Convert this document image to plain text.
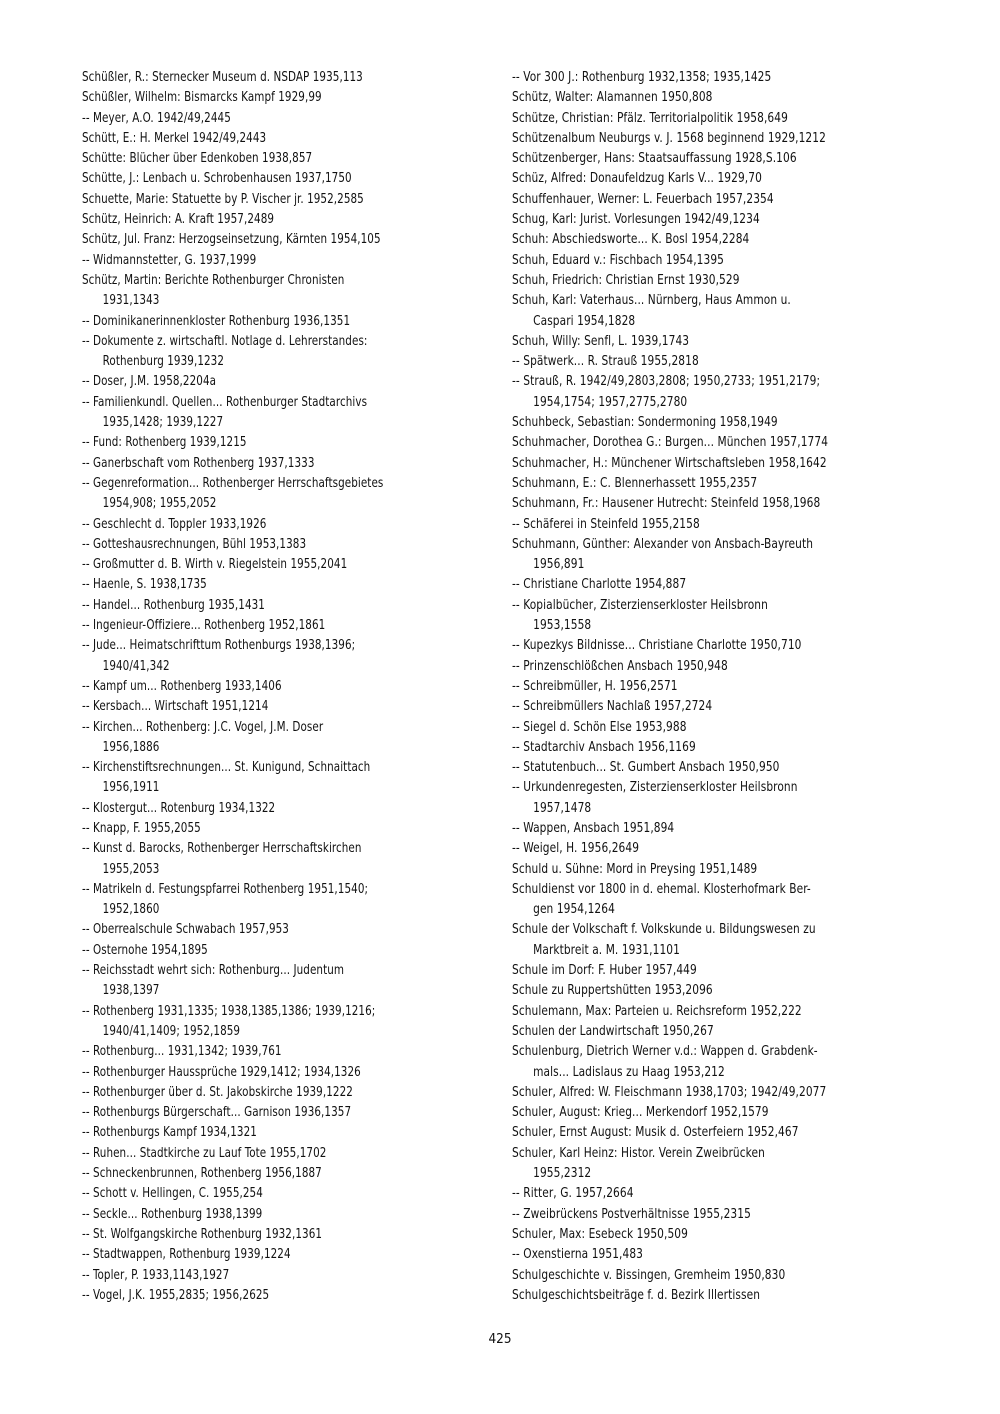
Schüßler, R.: Sternecker Museum d. NSDAP 1935,113
Schüßler, Wilhelm: Bismarcks Kampf 1929,99
-- Meyer, A.O. 1942/49,2445
Schütt, E.: H. Merkel 1942/49,2443
Schütte: Blücher über Edenkoben 1938,857
Schütte, J.: Lenbach u. Schrobenhausen 1937,1750
Schuette, Marie: Statuette by P. Vischer jr. 1952,2585
Schütz, Heinrich: A. Kraft 1957,2489
Schütz, Jul. Franz: Herzogseinsetzung, Kärnten 1954,105
-- Widmannstetter, G. 1937,1999
Schütz, Martin: Berichte Rothenburger Chronisten
1931,1343
-- Dominikanerinnenkloster Rothenburg 1936,1351
-- Dokumente z. wirtschaftl. Notlage d. Lehrerstandes:
Rothenburg 1939,1232
-- Doser, J.M. 1958,2204a
-- Familienkundl. Quellen... Rothenburger Stadtarchivs
1935,1428; 1939,1227
-- Fund: Rothenberg 1939,1215
-- Ganerbschaft vom Rothenberg 1937,1333
-- Gegenreformation... Rothenberger Herrschaftsgebietes
1954,908; 1955,2052
-- Geschlecht d. Toppler 1933,1926
-- Gotteshausrechnungen, Bühl 1953,1383
-- Großmutter d. B. Wirth v. Riegelstein 1955,2041
-- Haenle, S. 1938,1735
-- Handel... Rothenburg 1935,1431
-- Ingenieur-Offiziere... Rothenberg 1952,1861
-- Jude... Heimatschrifttum Rothenburgs 1938,1396;
1940/41,342
-- Kampf um... Rothenberg 1933,1406
-- Kersbach... Wirtschaft 1951,1214
-- Kirchen... Rothenberg: J.C. Vogel, J.M. Doser
1956,1886
-- Kirchenstiftsrechnungen... St. Kunigund, Schnaittach
1956,1911
-- Klostergut... Rotenburg 1934,1322
-- Knapp, F. 1955,2055
-- Kunst d. Barocks, Rothenberger Herrschaftskirchen
1955,2053
-- Matrikeln d. Festungspfarrei Rothenberg 1951,1540;
1952,1860
-- Oberrealschule Schwabach 1957,953
-- Osternohe 1954,1895
-- Reichsstadt wehrt sich: Rothenburg... Judentum
1938,1397
-- Rothenberg 1931,1335; 1938,1385,1386; 1939,1216;
1940/41,1409; 1952,1859
-- Rothenburg... 1931,1342; 1939,761
-- Rothenburger Haussprüche 1929,1412; 1934,1326
-- Rothenburger über d. St. Jakobskirche 1939,1222
-- Rothenburgs Bürgerschaft... Garnison 1936,1357
-- Rothenburgs Kampf 1934,1321
-- Ruhen... Stadtkirche zu Lauf Tote 1955,1702
-- Schneckenbrunnen, Rothenberg 1956,1887
-- Schott v. Hellingen, C. 1955,254
-- Seckle... Rothenburg 1938,1399
-- St. Wolfgangskirche Rothenburg 1932,1361
-- Stadtwappen, Rothenburg 1939,1224
-- Topler, P. 1933,1143,1927
-- Vogel, J.K. 1955,2835; 1956,2625
-- Vor 300 J.: Rothenburg 1932,1358; 1935,1425
Schütz, Walter: Alamannen 1950,808
Schütze, Christian: Pfälz. Territorialpolitik 1958,649
Schützenalbum Neuburgs v. J. 1568 beginnend 1929,1212
Schützenberger, Hans: Staatsauffassung 1928,S.106
Schüz, Alfred: Donaufeldzug Karls V... 1929,70
Schuffenhauer, Werner: L. Feuerbach 1957,2354
Schug, Karl: Jurist. Vorlesungen 1942/49,1234
Schuh: Abschiedsworte... K. Bosl 1954,2284
Schuh, Eduard v.: Fischbach 1954,1395
Schuh, Friedrich: Christian Ernst 1930,529
Schuh, Karl: Vaterhaus... Nürnberg, Haus Ammon u.
Caspari 1954,1828
Schuh, Willy: Senfl, L. 1939,1743
-- Spätwerk... R. Strauß 1955,2818
-- Strauß, R. 1942/49,2803,2808; 1950,2733; 1951,2179;
1954,1754; 1957,2775,2780
Schuhbeck, Sebastian: Sondermoning 1958,1949
Schuhmacher, Dorothea G.: Burgen... München 1957,1774
Schuhmacher, H.: Münchener Wirtschaftsleben 1958,1642
Schuhmann, E.: C. Blennerhassett 1955,2357
Schuhmann, Fr.: Hausener Hutrecht: Steinfeld 1958,1968
-- Schäferei in Steinfeld 1955,2158
Schuhmann, Günther: Alexander von Ansbach-Bayreuth
1956,891
-- Christiane Charlotte 1954,887
-- Kopialbücher, Zisterzienserkloster Heilsbronn
1953,1558
-- Kupezkys Bildnisse... Christiane Charlotte 1950,710
-- Prinzenschlößchen Ansbach 1950,948
-- Schreibmüller, H. 1956,2571
-- Schreibmüllers Nachlaß 1957,2724
-- Siegel d. Schön Else 1953,988
-- Stadtarchiv Ansbach 1956,1169
-- Statutenbuch... St. Gumbert Ansbach 1950,950
-- Urkundenregesten, Zisterzienserkloster Heilsbronn
1957,1478
-- Wappen, Ansbach 1951,894
-- Weigel, H. 1956,2649
Schuld u. Sühne: Mord in Preysing 1951,1489
Schuldienst vor 1800 in d. ehemal. Klosterhofmark Ber-
gen 1954,1264
Schule der Volkschaft f. Volkskunde u. Bildungswesen zu
Marktbreit a. M. 1931,1101
Schule im Dorf: F. Huber 1957,449
Schule zu Ruppertshütten 1953,2096
Schulemann, Max: Parteien u. Reichsreform 1952,222
Schulen der Landwirtschaft 1950,267
Schulenburg, Dietrich Werner v.d.: Wappen d. Grabdenk-
mals... Ladislaus zu Haag 1953,212
Schuler, Alfred: W. Fleischmann 1938,1703; 1942/49,2077
Schuler, August: Krieg... Merkendorf 1952,1579
Schuler, Ernst August: Musik d. Osterfeiern 1952,467
Schuler, Karl Heinz: Histor. Verein Zweibrücken
1955,2312
-- Ritter, G. 1957,2664
-- Zweibrückens Postverhältnisse 1955,2315
Schuler, Max: Esebeck 1950,509
-- Oxenstierna 1951,483
Schulgeschichte v. Bissingen, Gremheim 1950,830
Schulgeschichtsbeiträge f. d. Bezirk Illertissen
425
